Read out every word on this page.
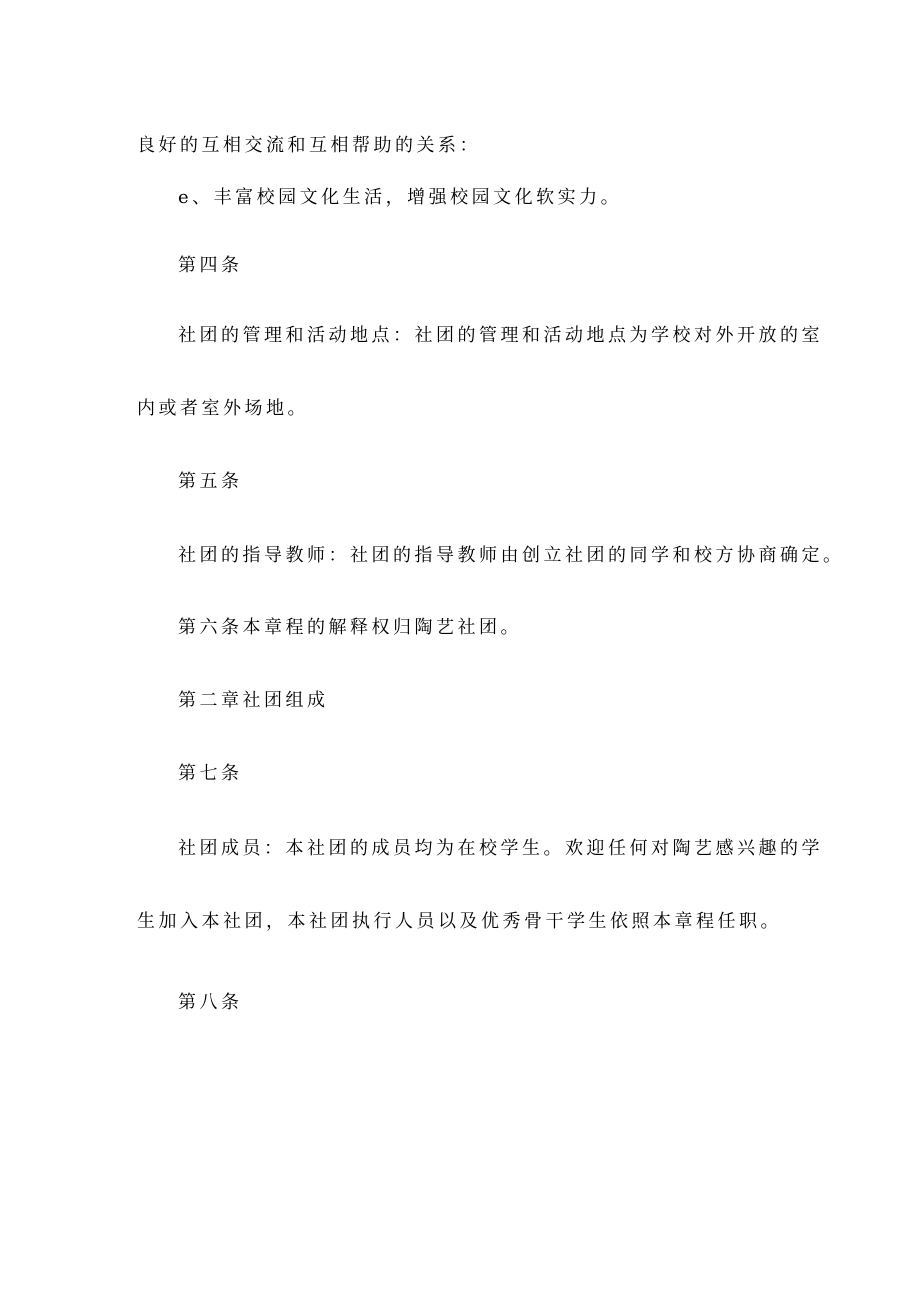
良好的互相交流和互相帮助的关系：
e、丰富校园文化生活，增强校园文化软实力。
第四条
社团的管理和活动地点：社团的管理和活动地点为学校对外开放的室
内或者室外场地。
第五条
社团的指导教师：社团的指导教师由创立社团的同学和校方协商确定。
第六条本章程的解释权归陶艺社团。
第二章社团组成
第七条
社团成员：本社团的成员均为在校学生。欢迎任何对陶艺感兴趣的学
生加入本社团，本社团执行人员以及优秀骨干学生依照本章程任职。
第八条
